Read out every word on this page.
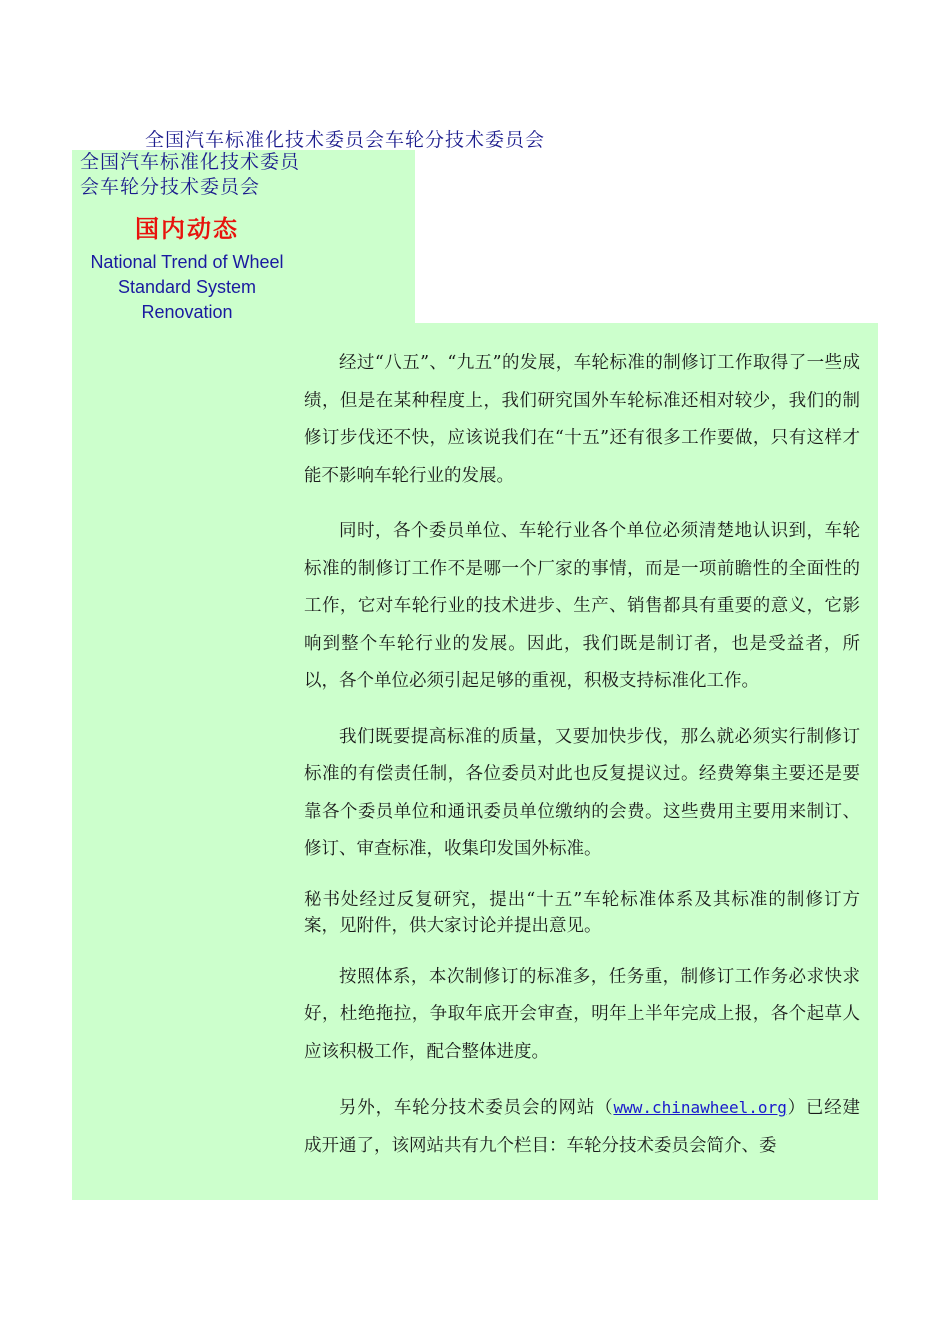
全国汽车标准化技术委员会车轮分技术委员会
全国汽车标准化技术委员会车轮分技术委员会
国内动态
National Trend of Wheel
Standard System
Renovation

经过“八五”、“九五”的发展，车轮标准的制修订工作取得了一些成绩，但是在某种程度上，我们研究国外车轮标准还相对较少，我们的制修订步伐还不快，应该说我们在“十五”还有很多工作要做，只有这样才能不影响车轮行业的发展。

同时，各个委员单位、车轮行业各个单位必须清楚地认识到，车轮标准的制修订工作不是哪一个厂家的事情，而是一项前瞻性的全面性的工作，它对车轮行业的技术进步、生产、销售都具有重要的意义，它影响到整个车轮行业的发展。因此，我们既是制订者，也是受益者，所以，各个单位必须引起足够的重视，积极支持标准化工作。

我们既要提高标准的质量，又要加快步伐，那么就必须实行制修订标准的有偿责任制，各位委员对此也反复提议过。经费筹集主要还是要靠各个委员单位和通讯委员单位缴纳的会费。这些费用主要用来制订、修订、审查标准，收集印发国外标准。

秘书处经过反复研究，提出“十五”车轮标准体系及其标准的制修订方案，见附件，供大家讨论并提出意见。

按照体系，本次制修订的标准多，任务重，制修订工作务必求快求好，杜绝拖拉，争取年底开会审查，明年上半年完成上报，各个起草人应该积极工作，配合整体进度。

另外，车轮分技术委员会的网站（www.chinawheel.org）已经建成开通了，该网站共有九个栏目：车轮分技术委员会简介、委
